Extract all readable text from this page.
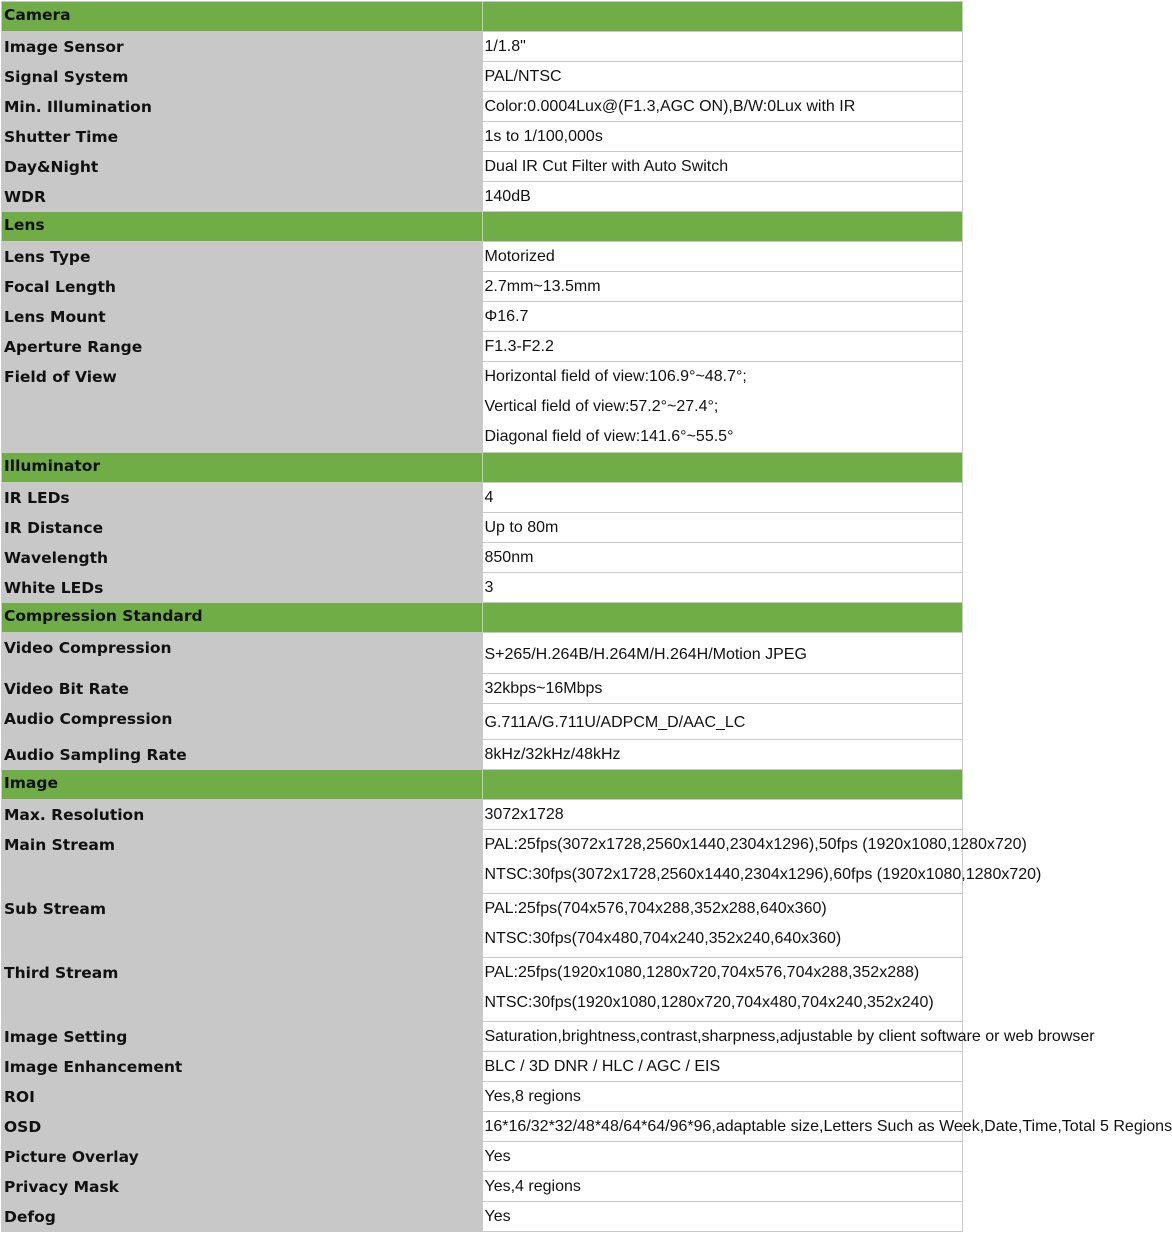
Camera	
Image Sensor	1/1.8"

Signal System	PAL/NTSC

Min. Illumination	Color:0.0004Lux@(F1.3,AGC ON),B/W:0Lux with IR

Shutter Time	1s to 1/100,000s

Day&Night	Dual IR Cut Filter with Auto Switch

WDR	140dB

Lens	
Lens Type	Motorized

Focal Length	2.7mm~13.5mm

Lens Mount	Φ16.7

Aperture Range	F1.3-F2.2

Field of View	Horizontal field of view:106.9°~48.7°;
Vertical field of view:57.2°~27.4°;
Diagonal field of view:141.6°~55.5°

Illuminator	
IR LEDs	4

IR Distance	Up to 80m

Wavelength	850nm

White LEDs	3

Compression Standard	
Video Compression	S+265/H.264B/H.264M/H.264H/Motion JPEG

Video Bit Rate	32kbps~16Mbps

Audio Compression	G.711A/G.711U/ADPCM_D/AAC_LC

Audio Sampling Rate	8kHz/32kHz/48kHz

Image	
Max. Resolution	3072x1728

Main Stream	PAL:25fps(3072x1728,2560x1440,2304x1296),50fps (1920x1080,1280x720)
NTSC:30fps(3072x1728,2560x1440,2304x1296),60fps (1920x1080,1280x720)

Sub Stream	PAL:25fps(704x576,704x288,352x288,640x360)
NTSC:30fps(704x480,704x240,352x240,640x360)

Third Stream	PAL:25fps(1920x1080,1280x720,704x576,704x288,352x288)
NTSC:30fps(1920x1080,1280x720,704x480,704x240,352x240)

Image Setting	Saturation,brightness,contrast,sharpness,adjustable by client software or web browser

Image Enhancement	BLC / 3D DNR / HLC / AGC / EIS

ROI	Yes,8 regions

OSD	16*16/32*32/48*48/64*64/96*96,adaptable size,Letters Such as Week,Date,Time,Total 5 Regions

Picture Overlay	Yes

Privacy Mask	Yes,4 regions

Defog	Yes
